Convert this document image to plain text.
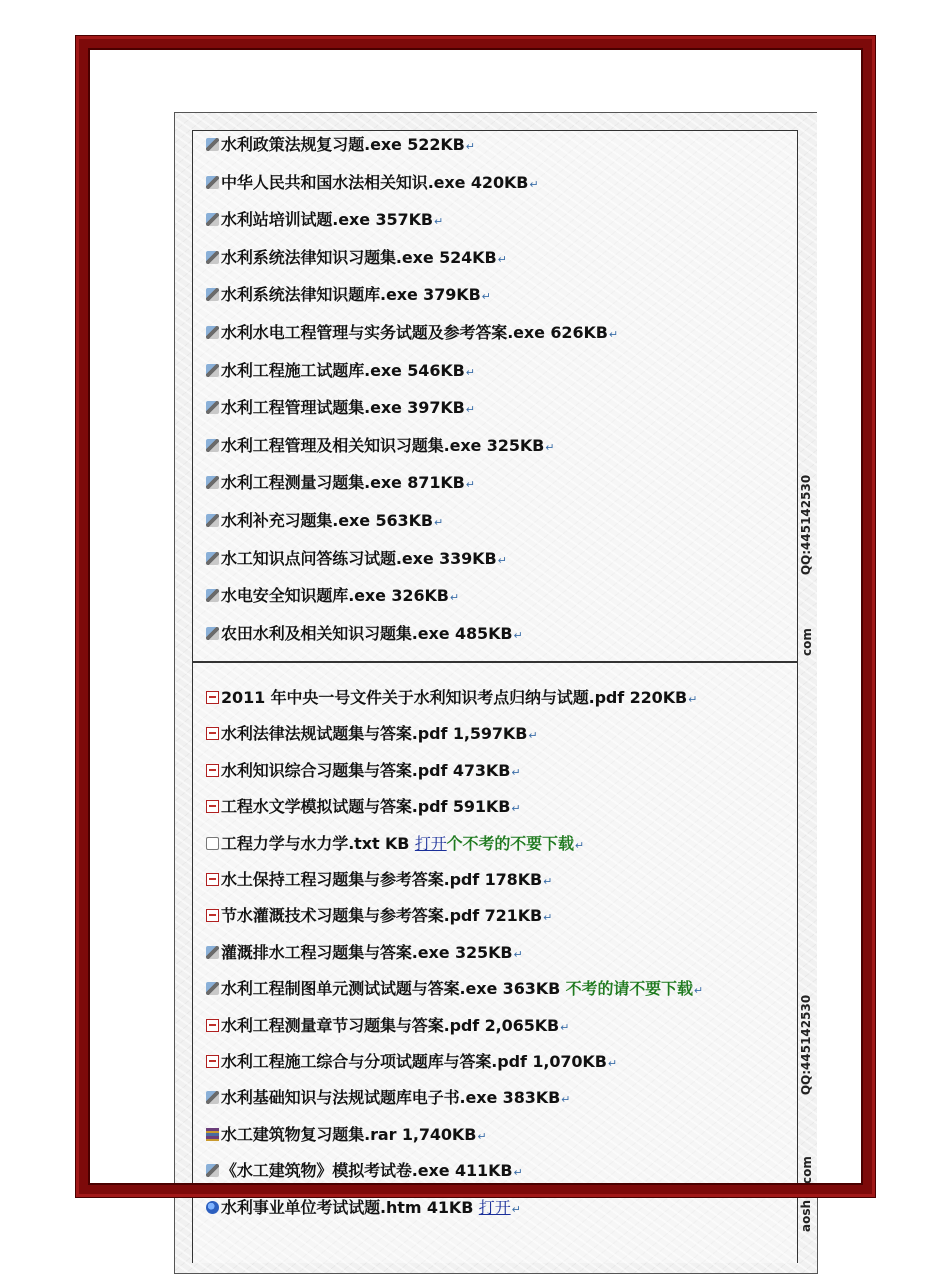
QQ:445142530
com
QQ:445142530
com
aosh
水利政策法规复习题.exe 522KB↵
中华人民共和国水法相关知识.exe 420KB↵
水利站培训试题.exe 357KB↵
水利系统法律知识习题集.exe 524KB↵
水利系统法律知识题库.exe 379KB↵
水利水电工程管理与实务试题及参考答案.exe 626KB↵
水利工程施工试题库.exe 546KB↵
水利工程管理试题集.exe 397KB↵
水利工程管理及相关知识习题集.exe 325KB↵
水利工程测量习题集.exe 871KB↵
水利补充习题集.exe 563KB↵
水工知识点问答练习试题.exe 339KB↵
水电安全知识题库.exe 326KB↵
农田水利及相关知识习题集.exe 485KB↵
2011 年中央一号文件关于水利知识考点归纳与试题.pdf 220KB↵
水利法律法规试题集与答案.pdf 1,597KB↵
水利知识综合习题集与答案.pdf 473KB↵
工程水文学模拟试题与答案.pdf 591KB↵
工程力学与水力学.txt KB 打开个不考的不要下载↵
水土保持工程习题集与参考答案.pdf 178KB↵
节水灌溉技术习题集与参考答案.pdf 721KB↵
灌溉排水工程习题集与答案.exe 325KB↵
水利工程制图单元测试试题与答案.exe 363KB 不考的请不要下载↵
水利工程测量章节习题集与答案.pdf 2,065KB↵
水利工程施工综合与分项试题库与答案.pdf 1,070KB↵
水利基础知识与法规试题库电子书.exe 383KB↵
水工建筑物复习题集.rar 1,740KB↵
《水工建筑物》模拟考试卷.exe 411KB↵
水利事业单位考试试题.htm 41KB 打开↵
